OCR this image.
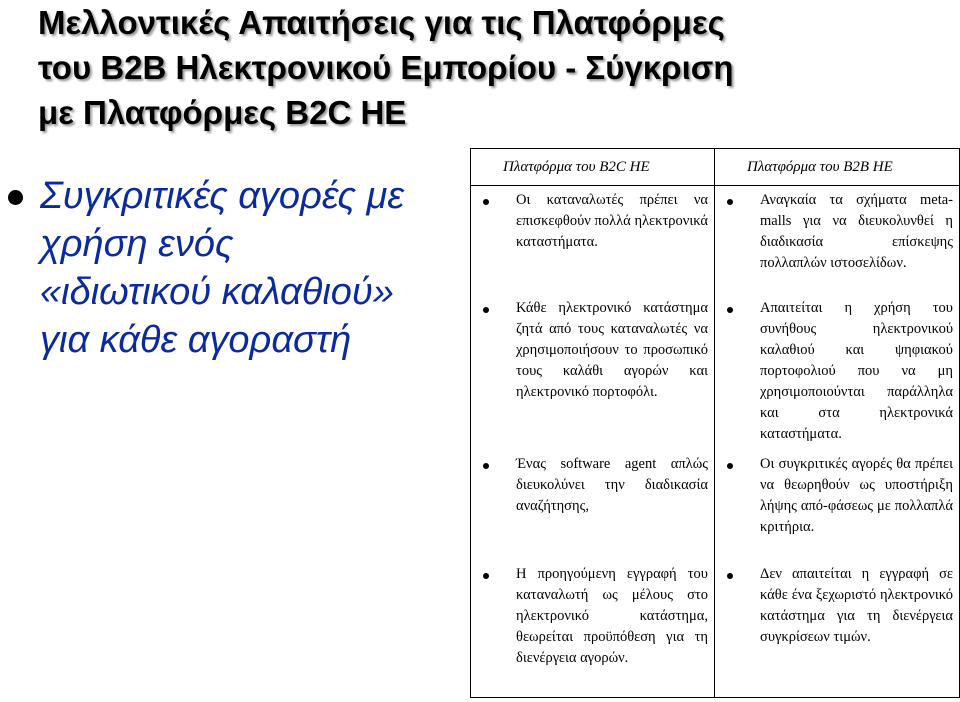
Μελλοντικές Απαιτήσεις για τις Πλατφόρμες
του B2B Ηλεκτρονικού Εμπορίου - Σύγκριση
με Πλατφόρμες B2C ΗΕ
Συγκριτικές αγορές με
χρήση ενός
«ιδιωτικού καλαθιού»
για κάθε αγοραστή
Πλατφόρμα του B2C ΗΕ	Πλατφόρμα του B2B ΗΕ

Οι καταναλωτές πρέπει να επισκεφθούν πολλά ηλεκτρονικά καταστήματα.	Αναγκαία τα σχήματα meta-malls για να διευκολυνθεί η διαδικασία επίσκεψης πολλαπλών ιστοσελίδων.

Κάθε ηλεκτρονικό κατάστημα ζητά από τους καταναλωτές να χρησιμοποιήσουν το προσωπικό τους καλάθι αγορών και ηλεκτρονικό πορτοφόλι.	Απαιτείται η χρήση του συνήθους ηλεκτρονικού καλαθιού και ψηφιακού πορτοφολιού που να μη χρησιμοποιούνται παράλληλα και στα ηλεκτρονικά καταστήματα.

Ένας software agent απλώς διευκολύνει την διαδικασία αναζήτησης,	Οι συγκριτικές αγορές θα πρέπει να θεωρηθούν ως υποστήριξη λήψης από-φάσεως με πολλαπλά κριτήρια.

Η προηγούμενη εγγραφή του καταναλωτή ως μέλους στο ηλεκτρονικό κατάστημα, θεωρείται προϋπόθεση για τη διενέργεια αγορών.	Δεν απαιτείται η εγγραφή σε κάθε ένα ξεχωριστό ηλεκτρονικό κατάστημα για τη διενέργεια συγκρίσεων τιμών.
